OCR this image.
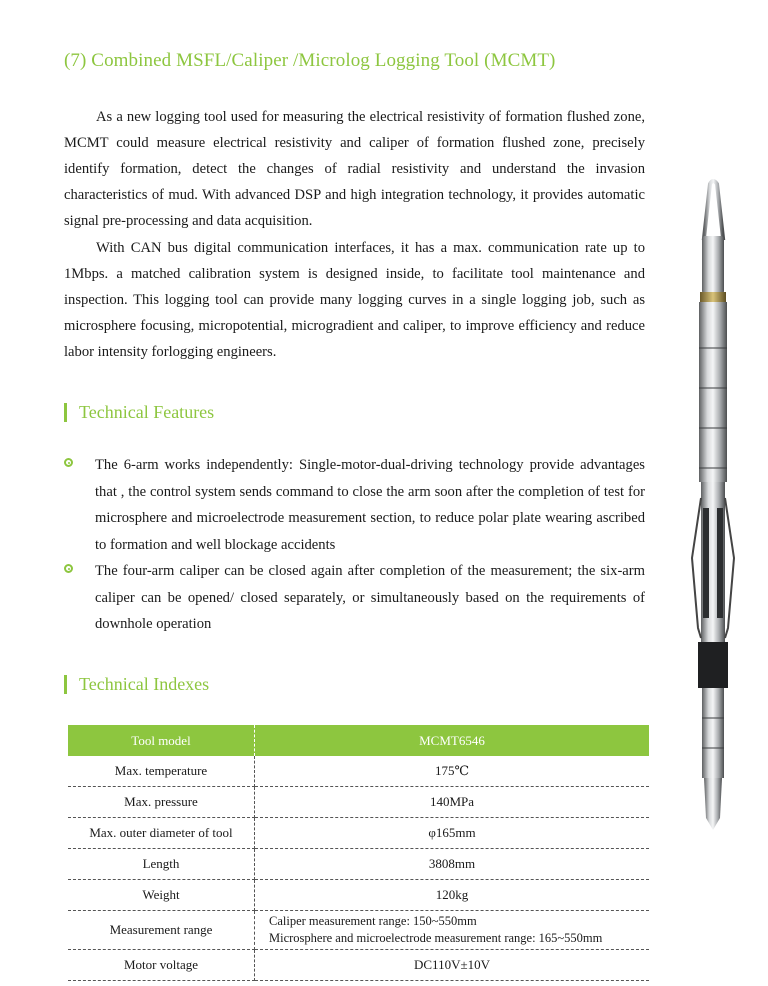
(7) Combined MSFL/Caliper /Microlog Logging Tool (MCMT)

As a new logging tool used for measuring the electrical resistivity of formation flushed zone, MCMT could measure electrical resistivity and caliper of formation flushed zone, precisely identify formation, detect the changes of radial resistivity and understand the invasion characteristics of mud. With advanced DSP and high integration technology, it provides automatic signal pre-processing and data acquisition.

With CAN bus digital communication interfaces, it has a max. communication rate up to 1Mbps. a matched calibration system is designed inside, to facilitate tool maintenance and inspection. This logging tool can provide many logging curves in a single logging job, such as microsphere focusing, micropotential, microgradient and caliper, to improve efficiency and reduce labor intensity forlogging engineers.

Technical Features

The 6-arm works independently: Single-motor-dual-driving technology provide advantages that , the control system sends command to close the arm soon after the completion of test for microsphere and microelectrode measurement section, to reduce polar plate wearing ascribed to formation and well blockage accidents

The four-arm caliper can be closed again after completion of the measurement; the six-arm caliper can be opened/ closed separately, or simultaneously based on the requirements of downhole operation

Technical Indexes
Tool model	MCMT6546
Max. temperature	175℃
Max. pressure	140MPa
Max. outer diameter of tool	φ165mm
Length	3808mm
Weight	120kg
Measurement range	Caliper measurement range: 150~550mm
Microsphere and microelectrode measurement range: 165~550mm

Motor voltage	DC110V±10V
